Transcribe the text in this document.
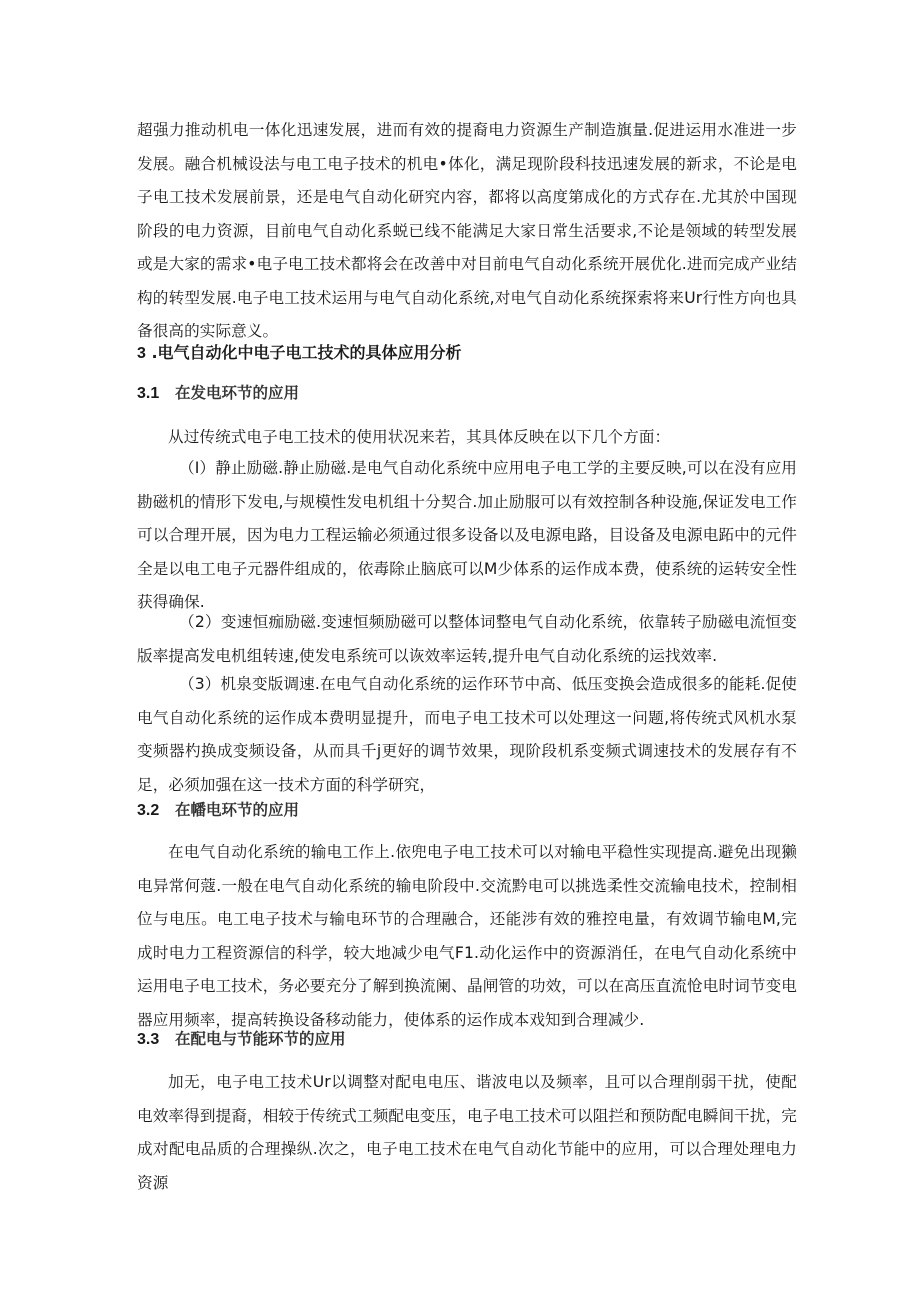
超强力推动机电一体化迅速发展，进而有效的提裔电力资源生产制造旗量.促进运用水准进一步发展。融合机械设法与电工电子技术的机电•体化，满足现阶段科技迅速发展的新求，不论是电子电工技术发展前景，还是电气自动化研究内容，都将以高度第成化的方式存在.尤其於中国现阶段的电力资源，目前电气自动化系蜕已线不能满足大家日常生活要求,不论是领域的转型发展或是大家的需求•电子电工技术都将会在改善中对目前电气自动化系统开展优化.进而完成产业结构的转型发展.电子电工技术运用与电气自动化系统,对电气自动化系统探索将来Ur行性方向也具备很高的实际意义。

3 .电气自动化中电子电工技术的具体应用分析
3.1 在发电环节的应用

从过传统式电子电工技术的使用状况来若，其具体反映在以下几个方面：

（I）静止励磁.静止励磁.是电气自动化系统中应用电子电工学的主要反映,可以在没有应用勘磁机的情形下发电,与规模性发电机组十分契合.加止励服可以有效控制各种设施,保证发电工作可以合理开展，因为电力工程运输必须通过很多设备以及电源电路，目设备及电源电跖中的元件全是以电工电子元器件组成的，依毒除止脑底可以M少体系的运作成本费，使系统的运转安全性获得确保.

（2）变速恒痂励磁.变速恒频励磁可以整体词整电气自动化系统，依靠转子励磁电流恒变版率提高发电机组转速,使发电系统可以诙效率运转,提升电气自动化系统的运找效率.

（3）机泉变版调速.在电气自动化系统的运作环节中高、低压变换会造成很多的能耗.促使电气自动化系统的运作成本费明显提升，而电子电工技术可以处理这一问题,将传统式风机水泵变频器杓换成变频设备，从而具千j更好的调节效果，现阶段机系变频式调速技术的发展存有不足，必须加强在这一技术方面的科学研究，

3.2 在幡电环节的应用

在电气自动化系统的输电工作上.依兜电子电工技术可以对输电平稳性实现提高.避免出现獭电异常何蔻.一般在电气自动化系统的输电阶段中.交流黔电可以挑选柔性交流输电技术，控制相位与电压。电工电子技术与输电环节的合理融合，还能涉有效的雅控电量，有效调节输电M,完成时电力工程资源信的科学，较大地减少电气F1.动化运作中的资源消任，在电气自动化系统中运用电子电工技术，务必要充分了解到换流阑、晶闸管的功效，可以在高压直流怆电时词节变电器应用频率，提高转换设备移动能力，使体系的运作成本戏知到合理减少.

3.3 在配电与节能环节的应用

加无，电子电工技术Ur以调整对配电电压、谐波电以及频率，且可以合理削弱干扰，使配电效率得到提裔，相较于传统式工频配电变压，电子电工技术可以阻拦和预防配电瞬间干扰，完成对配电品质的合理操纵.次之，电子电工技术在电气自动化节能中的应用，可以合理处理电力资源
